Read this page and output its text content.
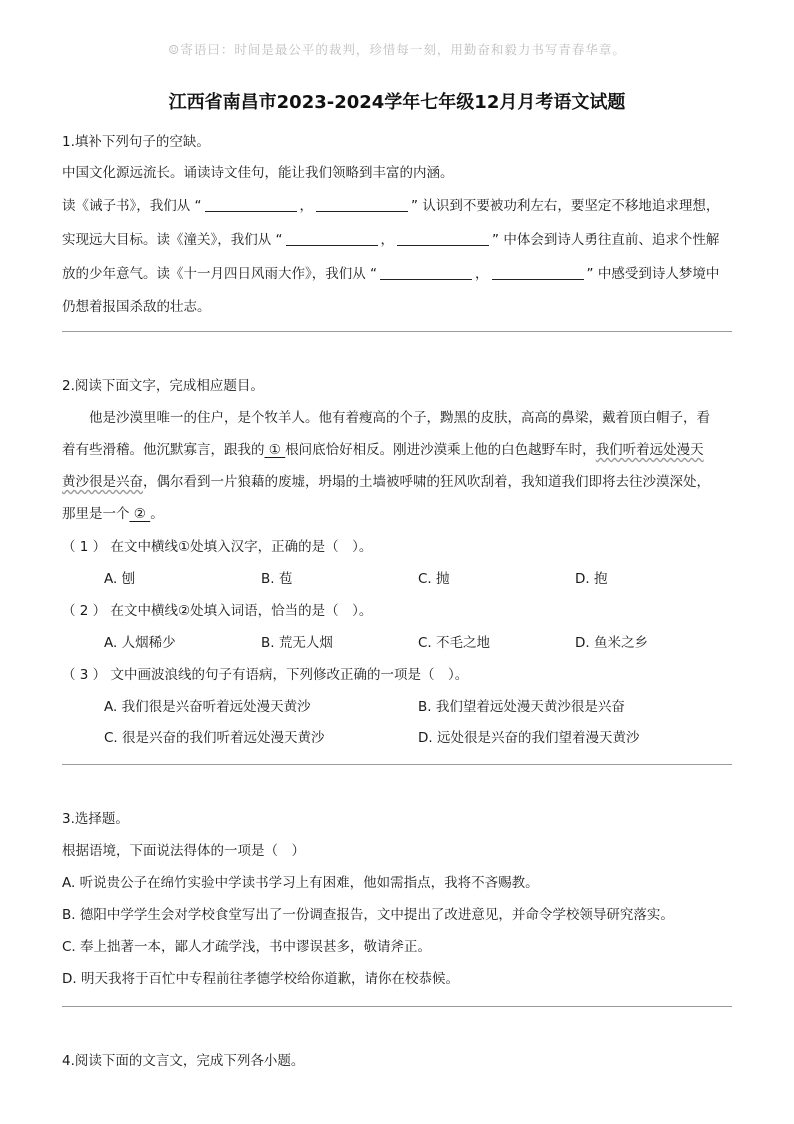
☺寄语曰：时间是最公平的裁判，珍惜每一刻，用勤奋和毅力书写青春华章。
江西省南昌市2023-2024学年七年级12月月考语文试题
1.填补下列句子的空缺。
中国文化源远流长。诵读诗文佳句，能让我们领略到丰富的内涵。
读《诫子书》，我们从 “	，	” 认识到不要被功利左右，要坚定不移地追求理想，
实现远大目标。读《潼关》，我们从 “	，	” 中体会到诗人勇往直前、追求个性解
放的少年意气。读《十一月四日风雨大作》，我们从 “	，	” 中感受到诗人梦境中
仍想着报国杀敌的壮志。
2.阅读下面文字，完成相应题目。
他是沙漠里唯一的住户，是个牧羊人。他有着瘦高的个子，黝黑的皮肤，高高的鼻梁，戴着顶白帽子，看
着有些滑稽。他沉默寡言，跟我的 ① 根问底恰好相反。刚进沙漠乘上他的白色越野车时，我们听着远处漫天
黄沙很是兴奋，偶尔看到一片狼藉的废墟，坍塌的土墙被呼啸的狂风吹刮着，我知道我们即将去往沙漠深处，
那里是一个 ② 。
（ 1 ） 在文中横线①处填入汉字，正确的是（　）。
A. 刨	B. 苞	C. 抛	D. 抱
（ 2 ） 在文中横线②处填入词语，恰当的是（　）。
A. 人烟稀少	B. 荒无人烟	C. 不毛之地	D. 鱼米之乡
（ 3 ） 文中画波浪线的句子有语病，下列修改正确的一项是（　）。
A. 我们很是兴奋听着远处漫天黄沙	B. 我们望着远处漫天黄沙很是兴奋
C. 很是兴奋的我们听着远处漫天黄沙	D. 远处很是兴奋的我们望着漫天黄沙
3.选择题。
根据语境，下面说法得体的一项是（　）
A. 听说贵公子在绵竹实验中学读书学习上有困难，他如需指点，我将不吝赐教。
B. 德阳中学学生会对学校食堂写出了一份调查报告，文中提出了改进意见，并命令学校领导研究落实。
C. 奉上拙著一本，鄙人才疏学浅，书中谬误甚多，敬请斧正。
D. 明天我将于百忙中专程前往孝德学校给你道歉，请你在校恭候。
4.阅读下面的文言文，完成下列各小题。
